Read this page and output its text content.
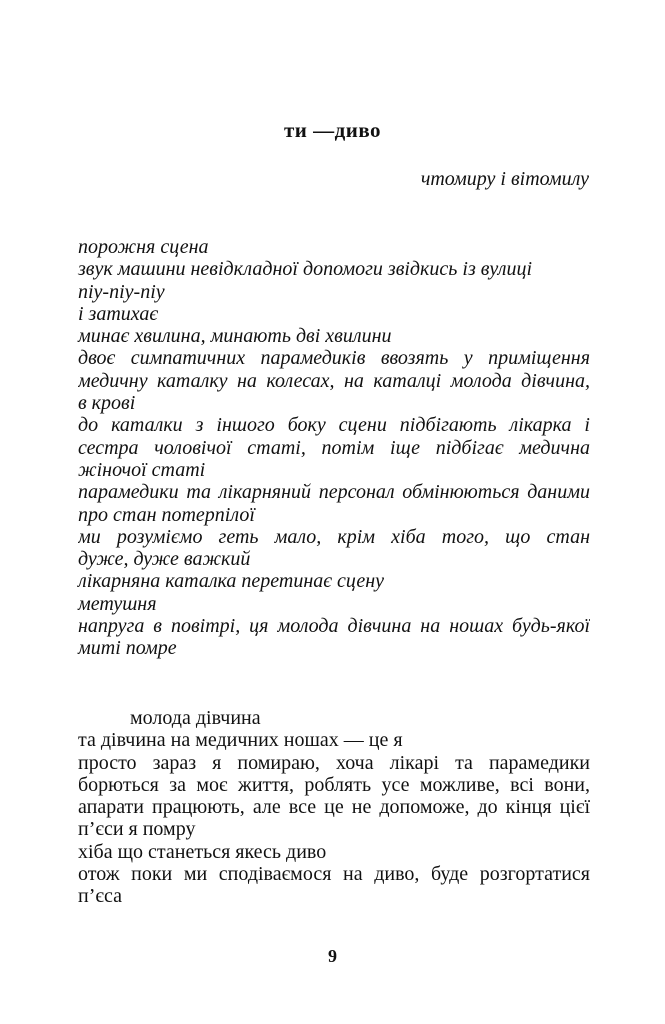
ти —диво
чтомиру і вітомилу
порожня сцена
звук машини невідкладної допомоги звідкись із вулиці
піу-піу-піу
і затихає
минає хвилина, минають дві хвилини
двоє симпатичних парамедиків ввозять у приміщення
медичну каталку на колесах, на каталці молода дівчина,
в крові
до каталки з іншого боку сцени підбігають лікарка і
сестра чоловічої статі, потім іще підбігає медична
жіночої статі
парамедики та лікарняний персонал обмінюються даними
про стан потерпілої
ми розуміємо геть мало, крім хіба того, що стан
дуже, дуже важкий
лікарняна каталка перетинає сцену
метушня
напруга в повітрі, ця молода дівчина на ношах будь-якої
миті помре
молода дівчина
та дівчина на медичних ношах — це я
просто зараз я помираю, хоча лікарі та парамедики
борються за моє життя, роблять усе можливе, всі вони,
апарати працюють, але все це не допоможе, до кінця цієї
п’єси я помру
хіба що станеться якесь диво
отож поки ми сподіваємося на диво, буде розгортатися
п’єса
9
